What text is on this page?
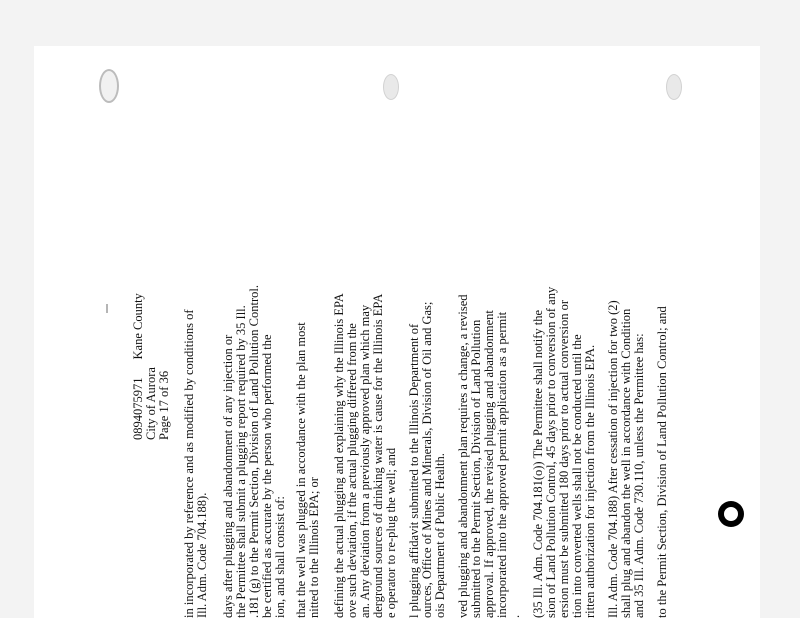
0894075971Kane County
City of Aurora Page 17 of 36 in incorporated by reference and as modified by conditions of Ill. Adm. Code 704.188). days after plugging and abandonment of any injection or the Permittee shall submit a plugging report required by 35 Ill. .181 (g) to the Permit Section, Division of Land Pollution Control. be certified as accurate by the person who performed the ion, and shall consist of: that the well was plugged in accordance with the plan most nitted to the Illinois EPA; or defining the actual plugging and explaining why the Illinois EPA ove such deviation, if the actual plugging differed from the an. Any deviation from a previously approved plan which may derground sources of drinking water is cause for the Illinois EPA e operator to re-plug the well; and l plugging affidavit submitted to the Illinois Department of ources, Office of Mines and Minerals, Division of Oil and Gas; ois Department of Public Health. ved plugging and abandonment plan requires a change, a revised submitted to the Permit Section, Division of Land Pollution approval. If approved, the revised plugging and abandonment incorporated into the approved permit application as a permit . (35 Ill. Adm. Code 704.181(o)) The Permittee shall notify the sion of Land Pollution Control, 45 days prior to conversion of any ersion must be submitted 180 days prior to actual conversion or tion into converted wells shall not be conducted until the ritten authorization for injection from the Illinois EPA. Ill. Adm. Code 704.188) After cessation of injection for two (2) shall plug and abandon the well in accordance with Condition and 35 Ill. Adm. Code 730.110, unless the Permittee has: to the Permit Section, Division of Land Pollution Control; and
